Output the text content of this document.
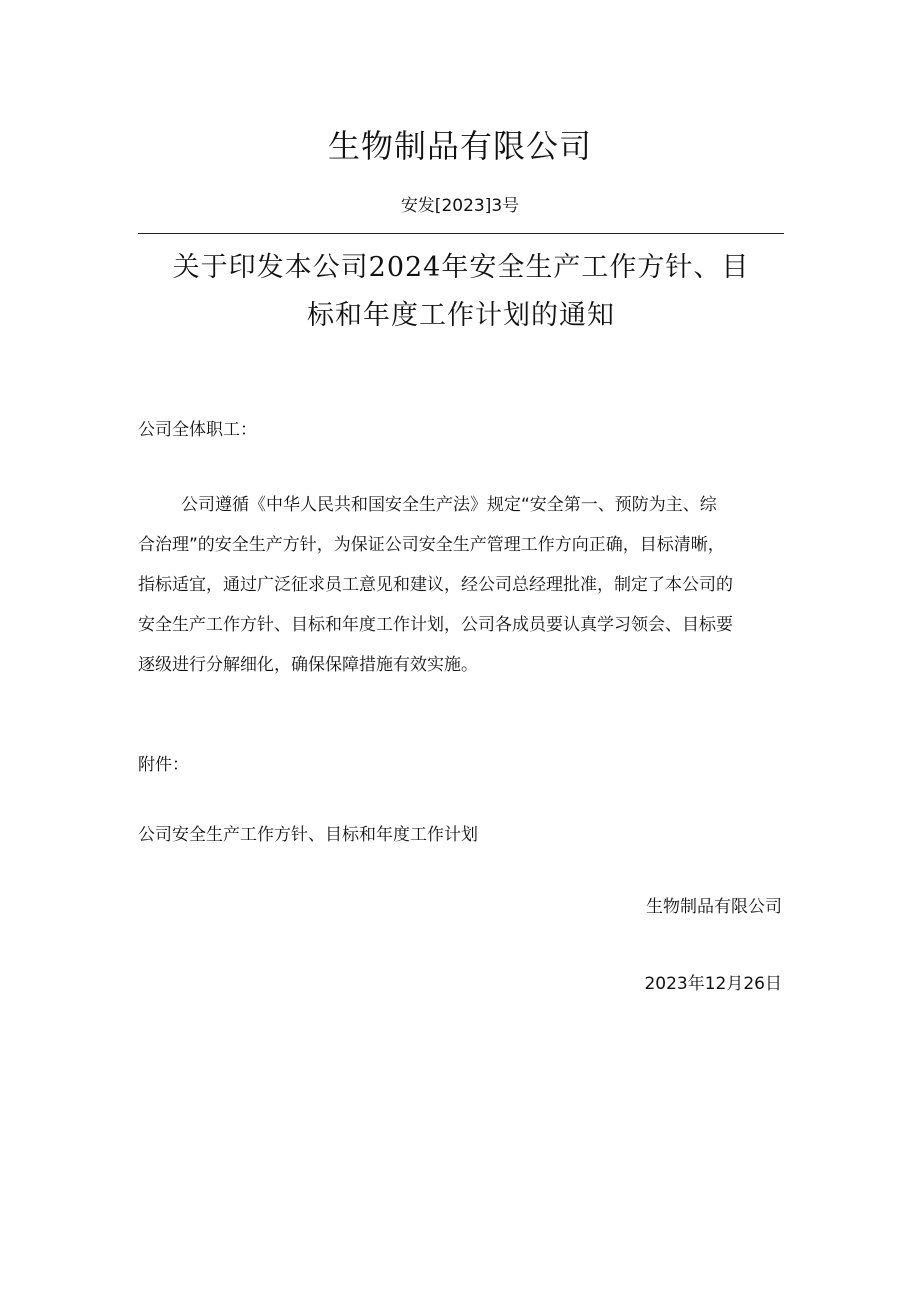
生物制品有限公司
安发[2023]3号
关于印发本公司2024年安全生产工作方针、目
标和年度工作计划的通知
公司全体职工：
公司遵循《中华人民共和国安全生产法》规定“安全第一、预防为主、综
合治理”的安全生产方针，为保证公司安全生产管理工作方向正确，目标清晰，
指标适宜，通过广泛征求员工意见和建议，经公司总经理批准，制定了本公司的
安全生产工作方针、目标和年度工作计划，公司各成员要认真学习领会、目标要
逐级进行分解细化，确保保障措施有效实施。
附件：
公司安全生产工作方针、目标和年度工作计划
生物制品有限公司
2023年12月26日
